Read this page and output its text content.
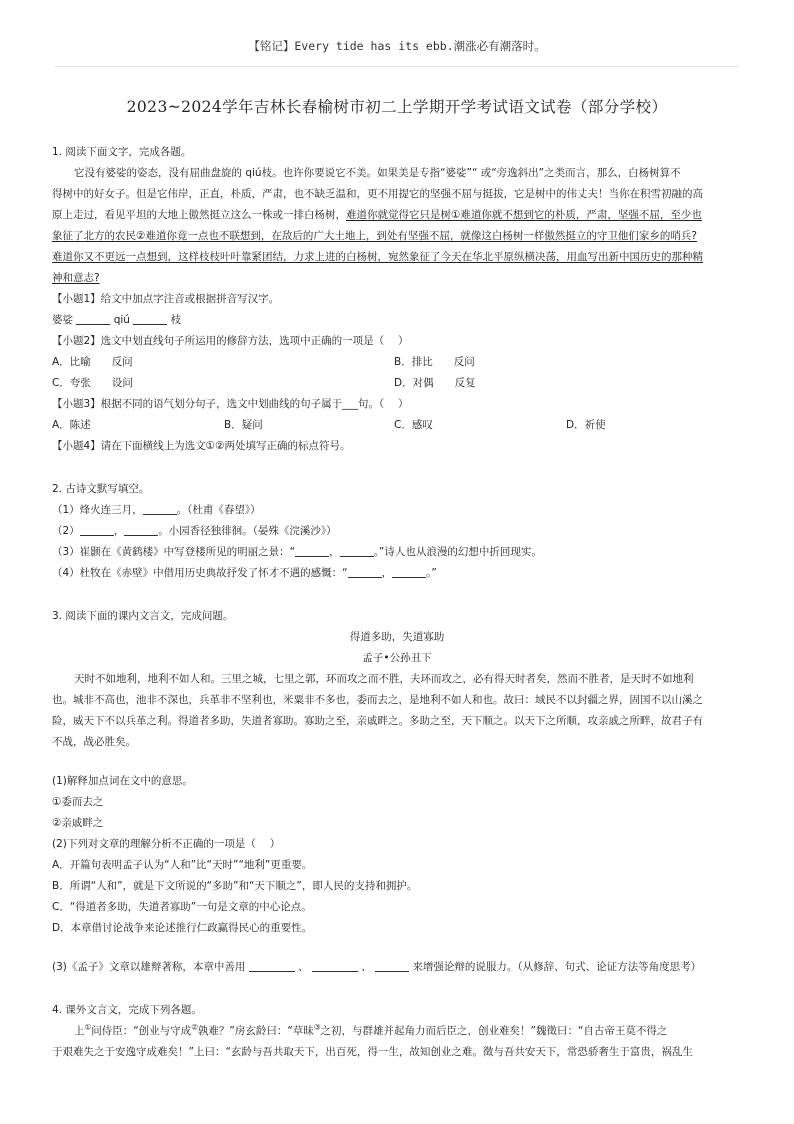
【铭记】Every tide has its ebb.潮涨必有潮落时。
2023~2024学年吉林长春榆树市初二上学期开学考试语文试卷（部分学校）
1. 阅读下面文字，完成各题。
它没有婆娑的姿态，没有屈曲盘旋的 qiú枝。也许你要说它不美。如果美是专指“婆娑”“ 或“旁逸斜出”之类而言，那么，白杨树算不
得树中的好女子。但是它伟岸，正直，朴质，严肃，也不缺乏温和，更不用提它的坚强不屈与挺拔，它是树中的伟丈夫！当你在积雪初融的高
原上走过，看见平坦的大地上傲然挺立这么一株或一排白杨树，难道你就觉得它只是树①难道你就不想到它的朴质，严肃，坚强不屈，至少也
象征了北方的农民②难道你竟一点也不联想到，在敌后的广大土地上，到处有坚强不屈，就像这白杨树一样傲然挺立的守卫他们家乡的哨兵?
难道你又不更远一点想到，这样枝枝叶叶靠紧团结，力求上进的白杨树，宛然象征了今天在华北平原纵横决荡，用血写出新中国历史的那种精
神和意志?
【小题1】给文中加点字注音或根据拼音写汉字。
婆娑	qiú	枝
【小题2】选文中划直线句子所运用的修辞方法，选项中正确的一项是（　 ）
A．比喻　　反问	B．排比　　反问
C．夸张　　设问	D．对偶　　反复
【小题3】根据不同的语气划分句子，选文中划曲线的句子属于___句。（　 ）
A．陈述	B．疑问	C．感叹	D．祈使
【小题4】请在下面横线上为选文①②两处填写正确的标点符号。
2. 古诗文默写填空。
（1）烽火连三月，	。（杜甫《春望》）
（2）	，	。小园香径独徘徊。（晏殊《浣溪沙》）
（3）崔颢在《黄鹤楼》中写登楼所见的明丽之景：“	，	。”诗人也从浪漫的幻想中折回现实。
（4）杜牧在《赤壁》中借用历史典故抒发了怀才不遇的感慨：“	，	。”
3. 阅读下面的课内文言文，完成问题。
得道多助，失道寡助
孟子•公孙丑下
天时不如地利，地利不如人和。三里之城，七里之郭，环而攻之而不胜，夫环而攻之，必有得天时者矣，然而不胜者，是天时不如地利
也。城非不高也，池非不深也，兵革非不坚利也，米粟非不多也，委而去之，是地利不如人和也。故曰：域民不以封疆之界，固国不以山溪之
险，威天下不以兵革之利。得道者多助，失道者寡助。寡助之至，亲戚畔之。多助之至，天下顺之。以天下之所顺，攻亲戚之所畔，故君子有
不战，战必胜矣。
(1)解释加点词在文中的意思。
①委而去之
②亲戚畔之
(2)下列对文章的理解分析不正确的一项是（　 ）
A．开篇句表明孟子认为“人和”比“天时”“地利”更重要。
B．所谓“人和”，就是下文所说的“多助”和“天下顺之”，即人民的支持和拥护。
C．“得道者多助，失道者寡助”一句是文章的中心论点。
D．本章借讨论战争来论述推行仁政赢得民心的重要性。
(3)《孟子》文章以雄辩著称，本章中善用	、	、	来增强论辩的说服力。（从修辞、句式、论证方法等角度思考）
4. 课外文言文，完成下列各题。
上①问侍臣：“创业与守成②孰难？”房玄龄曰：“草昧③之初，与群雄并起角力而后臣之，创业难矣！”魏徵曰：“自古帝王莫不得之
于艰难失之于安逸守成难矣！”上曰：“玄龄与吾共取天下，出百死，得一生，故知创业之难。徵与吾共安天下，常恐骄奢生于富贵，祸乱生
